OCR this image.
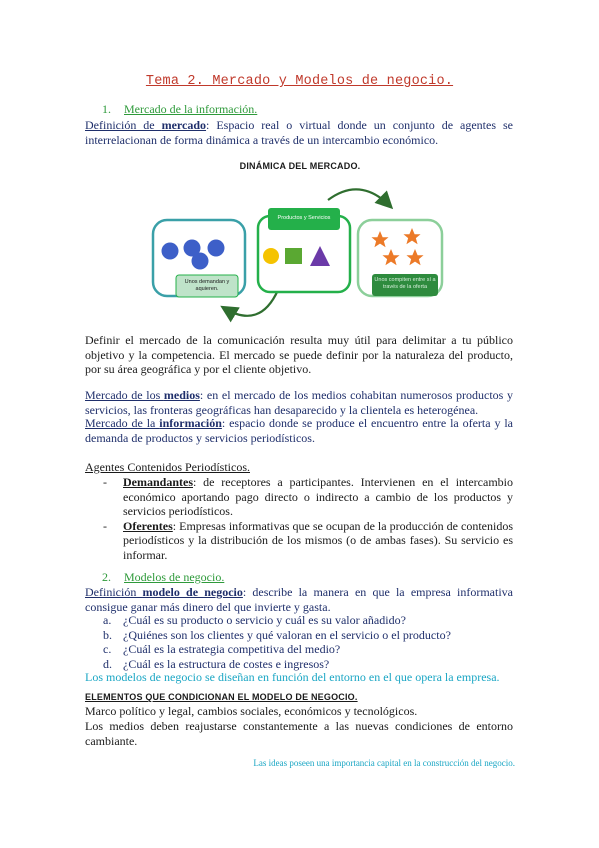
Tema 2. Mercado y Modelos de negocio.
1. Mercado de la información.
Definición de mercado: Espacio real o virtual donde un conjunto de agentes se interrelacionan de forma dinámica a través de un intercambio económico.
DINÁMICA DEL MERCADO.
Unos demandan y aquieren.
Productos y Servicios
Unos compiten entre sí a través de la oferta
Definir el mercado de la comunicación resulta muy útil para delimitar a tu público objetivo y la competencia. El mercado se puede definir por la naturaleza del producto, por su área geográfica y por el cliente objetivo.
Mercado de los medios: en el mercado de los medios cohabitan numerosos productos y servicios, las fronteras geográficas han desaparecido y la clientela es heterogénea.
Mercado de la información: espacio donde se produce el encuentro entre la oferta y la demanda de productos y servicios periodísticos.
Agentes Contenidos Periodísticos.
- Demandantes: de receptores a participantes. Intervienen en el intercambio económico aportando pago directo o indirecto a cambio de los productos y servicios periodísticos.
- Oferentes: Empresas informativas que se ocupan de la producción de contenidos periodísticos y la distribución de los mismos (o de ambas fases). Su servicio es informar.
2. Modelos de negocio.
Definición modelo de negocio: describe la manera en que la empresa informativa consigue ganar más dinero del que invierte y gasta.
a. ¿Cuál es su producto o servicio y cuál es su valor añadido?
b. ¿Quiénes son los clientes y qué valoran en el servicio o el producto?
c. ¿Cuál es la estrategia competitiva del medio?
d. ¿Cuál es la estructura de costes e ingresos?
Los modelos de negocio se diseñan en función del entorno en el que opera la empresa.
ELEMENTOS QUE CONDICIONAN EL MODELO DE NEGOCIO.
Marco político y legal, cambios sociales, económicos y tecnológicos.
Los medios deben reajustarse constantemente a las nuevas condiciones de entorno cambiante.
Las ideas poseen una importancia capital en la construcción del negocio.
